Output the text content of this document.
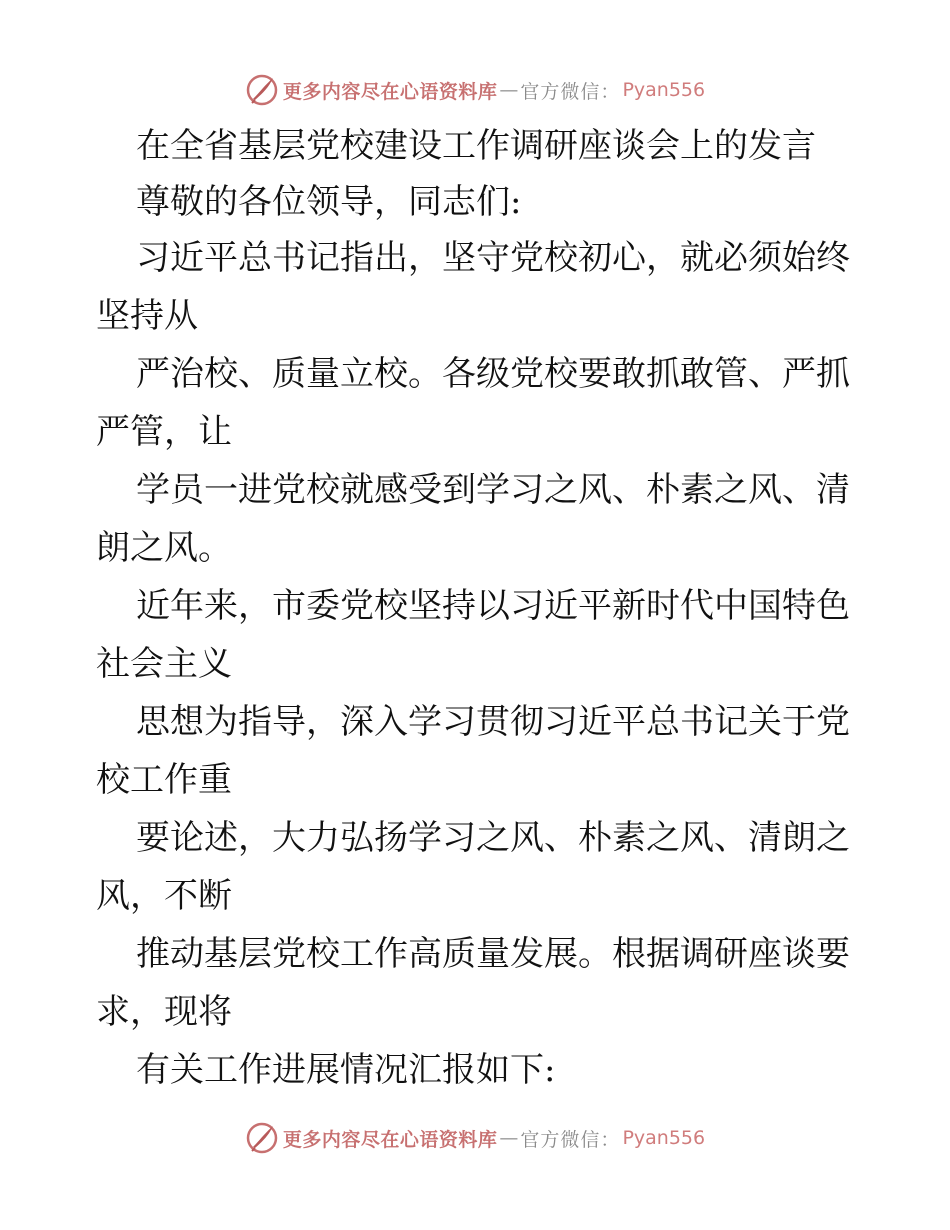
更多内容尽在心语资料库 — 官方微信： Pyan556
在全省基层党校建设工作调研座谈会上的发言
尊敬的各位领导，同志们:
习近平总书记指出，坚守党校初心，就必须始终
坚持从
严治校、质量立校。各级党校要敢抓敢管、严抓
严管，让
学员一进党校就感受到学习之风、朴素之风、清
朗之风。
近年来，市委党校坚持以习近平新时代中国特色
社会主义
思想为指导，深入学习贯彻习近平总书记关于党
校工作重
要论述，大力弘扬学习之风、朴素之风、清朗之
风，不断
推动基层党校工作高质量发展。根据调研座谈要
求，现将
有关工作进展情况汇报如下:
更多内容尽在心语资料库 — 官方微信： Pyan556
